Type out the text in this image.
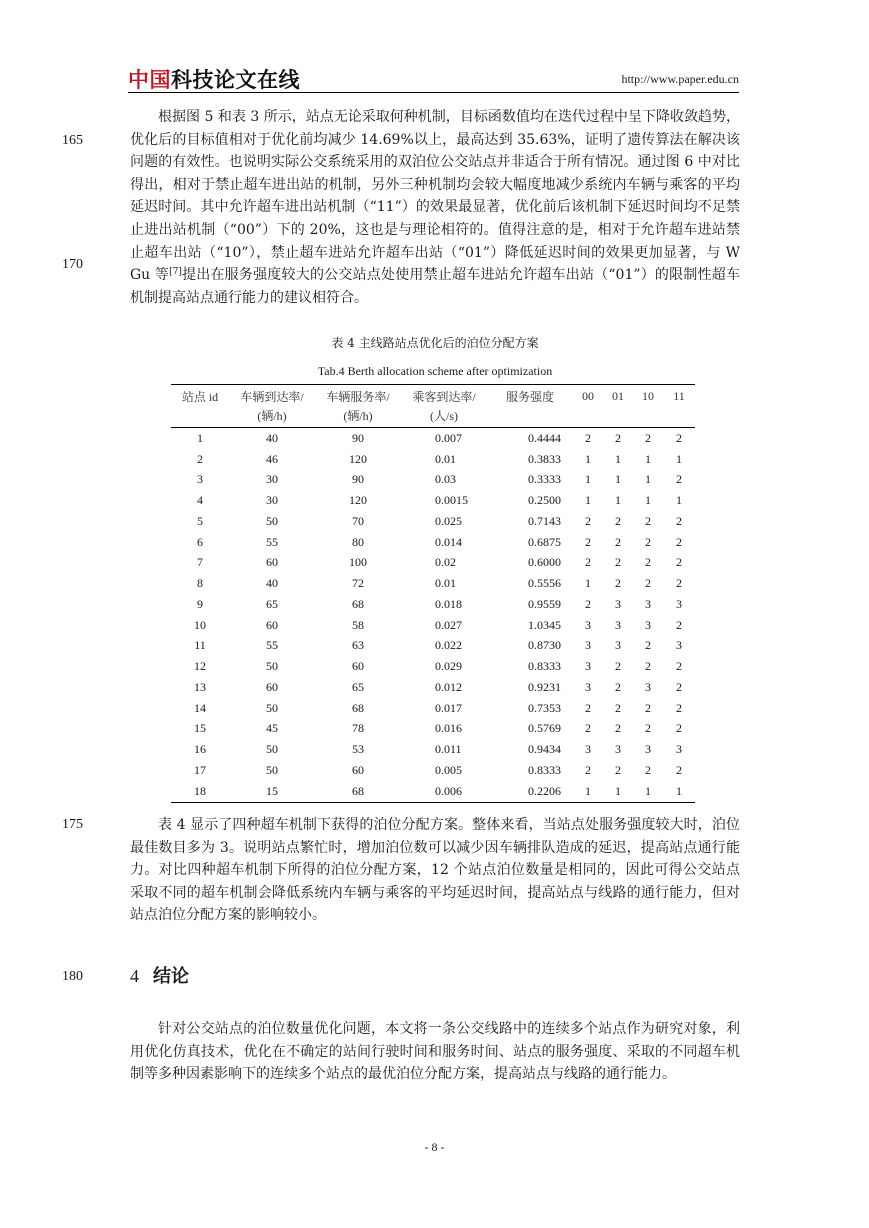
中国科技论文在线	http://www.paper.edu.cn
165
170
175
180

根据图 5 和表 3 所示，站点无论采取何种机制，目标函数值均在迭代过程中呈下降收敛趋势，优化后的目标值相对于优化前均减少 14.69%以上，最高达到 35.63%，证明了遗传算法在解决该问题的有效性。也说明实际公交系统采用的双泊位公交站点并非适合于所有情况。通过图 6 中对比得出，相对于禁止超车进出站的机制，另外三种机制均会较大幅度地减少系统内车辆与乘客的平均延迟时间。其中允许超车进出站机制（“11”）的效果最显著，优化前后该机制下延迟时间均不足禁止进出站机制（“00”）下的 20%，这也是与理论相符的。值得注意的是，相对于允许超车进站禁止超车出站（“10”），禁止超车进站允许超车出站（“01”）降低延迟时间的效果更加显著，与 W Gu 等[7]提出在服务强度较大的公交站点处使用禁止超车进站允许超车出站（“01”）的限制性超车机制提高站点通行能力的建议相符合。

表 4 主线路站点优化后的泊位分配方案
Tab.4 Berth allocation scheme after optimization
站点 id	车辆到达率/	车辆服务率/	乘客到达率/	服务强度	00	01	10	11
	(辆/h)	(辆/h)	(人/s)					
1	40	90	0.007	0.4444	2	2	2	2
2	46	120	0.01	0.3833	1	1	1	1
3	30	90	0.03	0.3333	1	1	1	2
4	30	120	0.0015	0.2500	1	1	1	1
5	50	70	0.025	0.7143	2	2	2	2
6	55	80	0.014	0.6875	2	2	2	2
7	60	100	0.02	0.6000	2	2	2	2
8	40	72	0.01	0.5556	1	2	2	2
9	65	68	0.018	0.9559	2	3	3	3
10	60	58	0.027	1.0345	3	3	3	2
11	55	63	0.022	0.8730	3	3	2	3
12	50	60	0.029	0.8333	3	2	2	2
13	60	65	0.012	0.9231	3	2	3	2
14	50	68	0.017	0.7353	2	2	2	2
15	45	78	0.016	0.5769	2	2	2	2
16	50	53	0.011	0.9434	3	3	3	3
17	50	60	0.005	0.8333	2	2	2	2
18	15	68	0.006	0.2206	1	1	1	1

表 4 显示了四种超车机制下获得的泊位分配方案。整体来看，当站点处服务强度较大时，泊位最佳数目多为 3。说明站点繁忙时，增加泊位数可以减少因车辆排队造成的延迟，提高站点通行能力。对比四种超车机制下所得的泊位分配方案，12 个站点泊位数量是相同的，因此可得公交站点采取不同的超车机制会降低系统内车辆与乘客的平均延迟时间，提高站点与线路的通行能力，但对站点泊位分配方案的影响较小。

4 结论

针对公交站点的泊位数量优化问题，本文将一条公交线路中的连续多个站点作为研究对象，利用优化仿真技术，优化在不确定的站间行驶时间和服务时间、站点的服务强度、采取的不同超车机制等多种因素影响下的连续多个站点的最优泊位分配方案，提高站点与线路的通行能力。

- 8 -
